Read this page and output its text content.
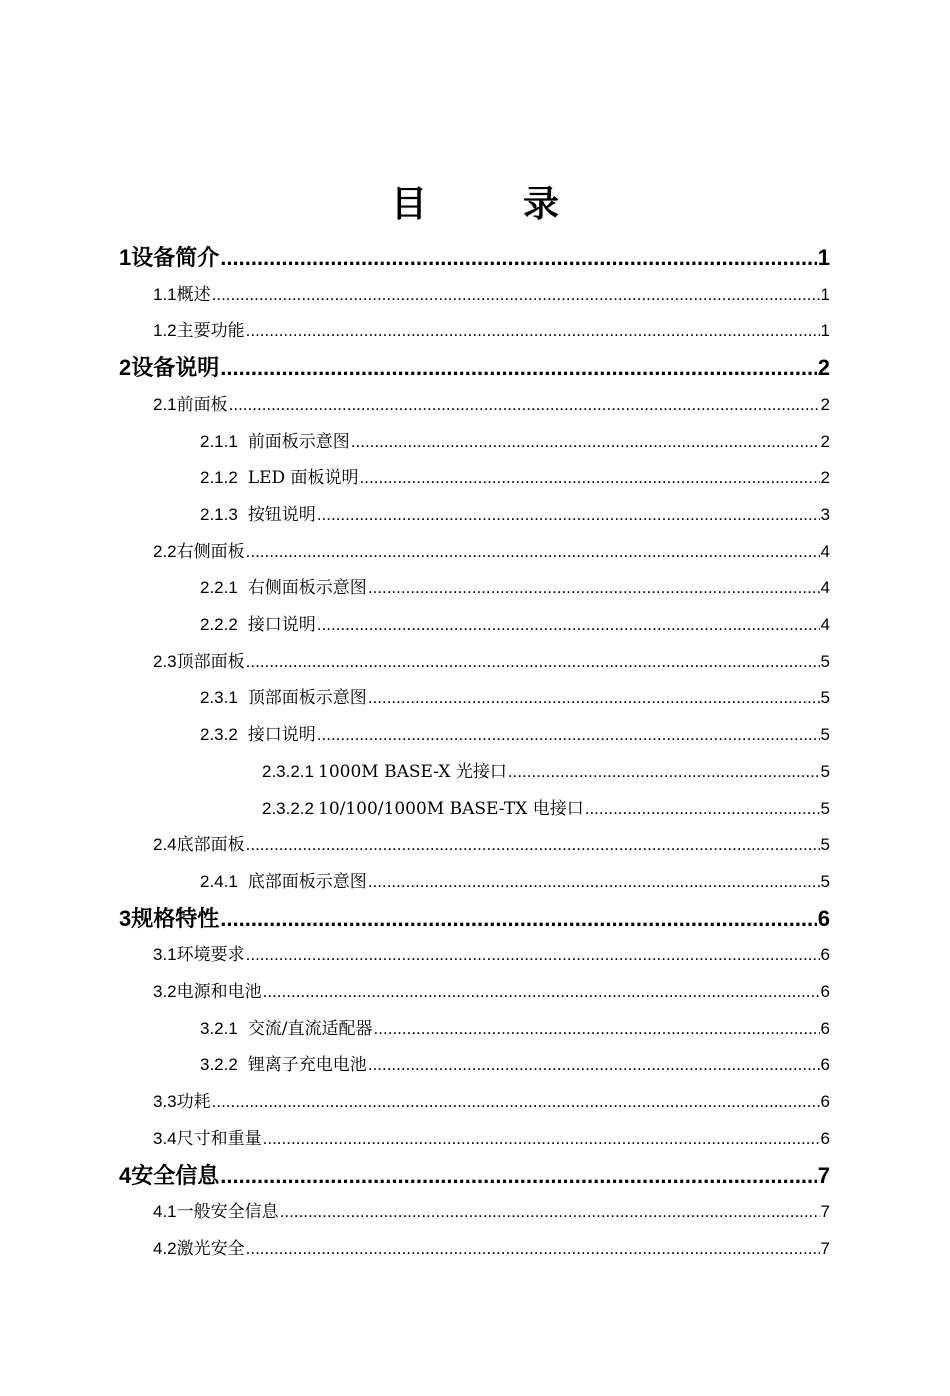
目　录
1 设备简介 .....	1
1.1 概述 .....	1
1.2 主要功能 .....	1
2 设备说明 .....	2
2.1 前面板 .....	2
2.1.1 前面板示意图 .....	2
2.1.2 LED 面板说明 .....	2
2.1.3 按钮说明 .....	3
2.2 右侧面板 .....	4
2.2.1 右侧面板示意图 .....	4
2.2.2 接口说明 .....	4
2.3 顶部面板 .....	5
2.3.1 顶部面板示意图 .....	5
2.3.2 接口说明 .....	5
2.3.2.1 1000M BASE-X 光接口 .....	5
2.3.2.2 10/100/1000M BASE-TX 电接口 .....	5
2.4 底部面板 .....	5
2.4.1 底部面板示意图 .....	5
3 规格特性 .....	6
3.1 环境要求 .....	6
3.2 电源和电池 .....	6
3.2.1 交流/直流适配器 .....	6
3.2.2 锂离子充电电池 .....	6
3.3 功耗 .....	6
3.4 尺寸和重量 .....	6
4 安全信息 .....	7
4.1 一般安全信息 .....	7
4.2 激光安全 .....	7
